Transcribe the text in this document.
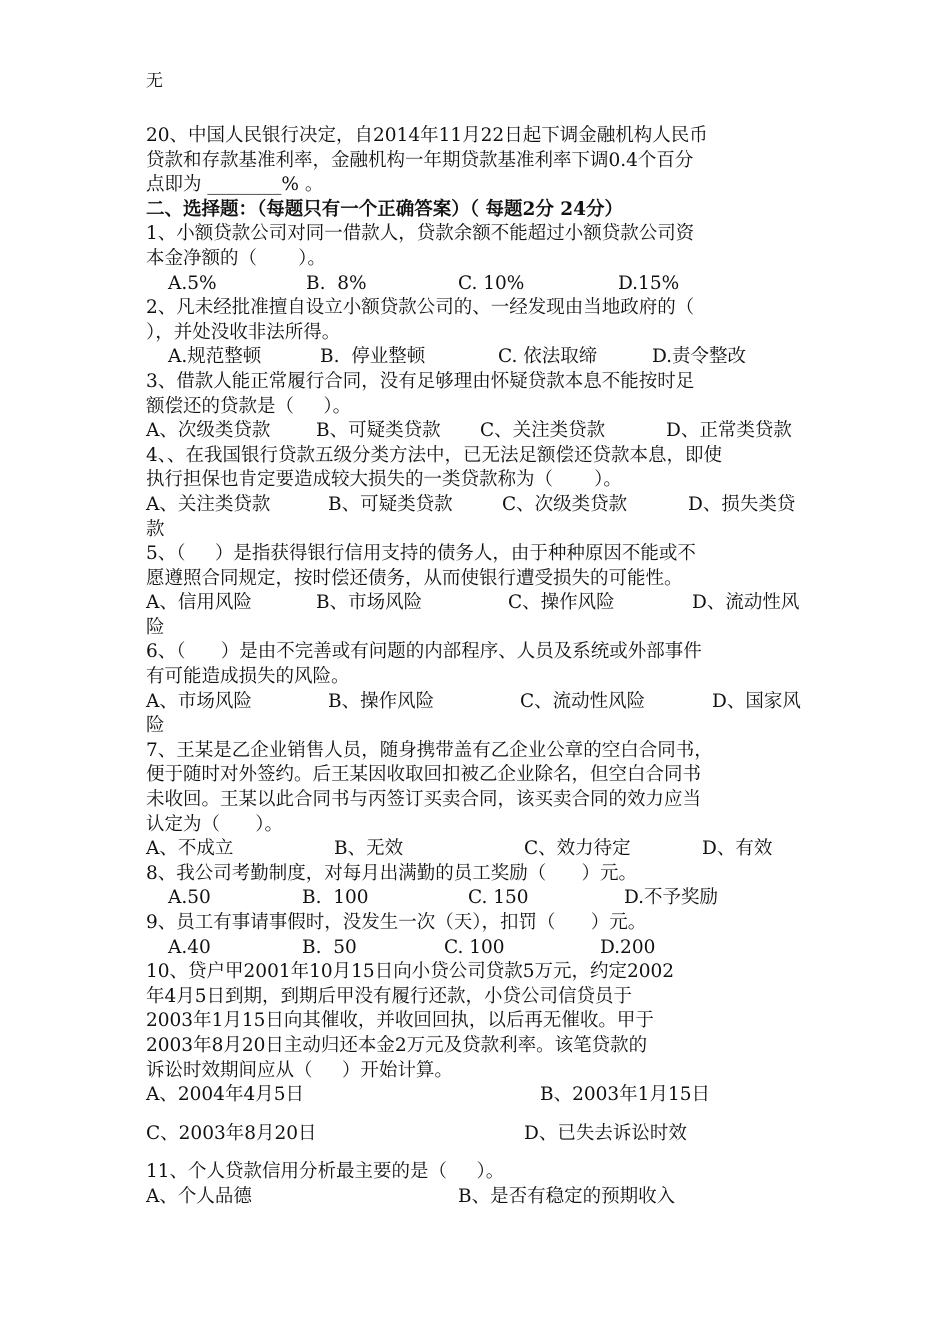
无
20、中国人民银行决定，自2014年11月22日起下调金融机构人民币
贷款和存款基准利率，金融机构一年期贷款基准利率下调0.4个百分
点即为 ________% 。
二、选择题：（每题只有一个正确答案）（ 每题2分 24分）
1、小额贷款公司对同一借款人，贷款余额不能超过小额贷款公司资
本金净额的（       ）。
A.5%	B.  8%	C. 10%	D.15%
2、凡未经批准擅自设立小额贷款公司的、一经发现由当地政府的（
），并处没收非法所得。
A.规范整顿	B.  停业整顿	C. 依法取缔	D.责令整改
3、借款人能正常履行合同，没有足够理由怀疑贷款本息不能按时足
额偿还的贷款是（     ）。
A、次级类贷款	B、可疑类贷款	C、关注类贷款	D、正常类贷款
4、、在我国银行贷款五级分类方法中，已无法足额偿还贷款本息，即使
执行担保也肯定要造成较大损失的一类贷款称为（       ）。
A、关注类贷款	B、可疑类贷款	C、次级类贷款	D、损失类贷
款
5、（     ）是指获得银行信用支持的债务人，由于种种原因不能或不
愿遵照合同规定，按时偿还债务，从而使银行遭受损失的可能性。
A、信用风险	B、市场风险	C、操作风险	D、流动性风
险
6、（      ）是由不完善或有问题的内部程序、人员及系统或外部事件
有可能造成损失的风险。
A、市场风险	B、操作风险	C、流动性风险	D、国家风
险
7、王某是乙企业销售人员，随身携带盖有乙企业公章的空白合同书，
便于随时对外签约。后王某因收取回扣被乙企业除名，但空白合同书
未收回。王某以此合同书与丙签订买卖合同，该买卖合同的效力应当
认定为（      ）。
A、不成立	B、无效	C、效力待定	D、有效
8、我公司考勤制度，对每月出满勤的员工奖励（      ）元。
A.50	B.  100	C. 150	D.不予奖励
9、员工有事请事假时，没发生一次（天），扣罚（      ）元。
A.40	B.  50	C. 100	D.200
10、贷户甲2001年10月15日向小贷公司贷款5万元，约定2002
年4月5日到期，到期后甲没有履行还款，小贷公司信贷员于
2003年1月15日向其催收，并收回回执，以后再无催收。甲于
2003年8月20日主动归还本金2万元及贷款利率。该笔贷款的
诉讼时效期间应从（     ）开始计算。
A、2004年4月5日	B、2003年1月15日
C、2003年8月20日	D、已失去诉讼时效
11、个人贷款信用分析最主要的是（     ）。
A、个人品德	B、是否有稳定的预期收入
